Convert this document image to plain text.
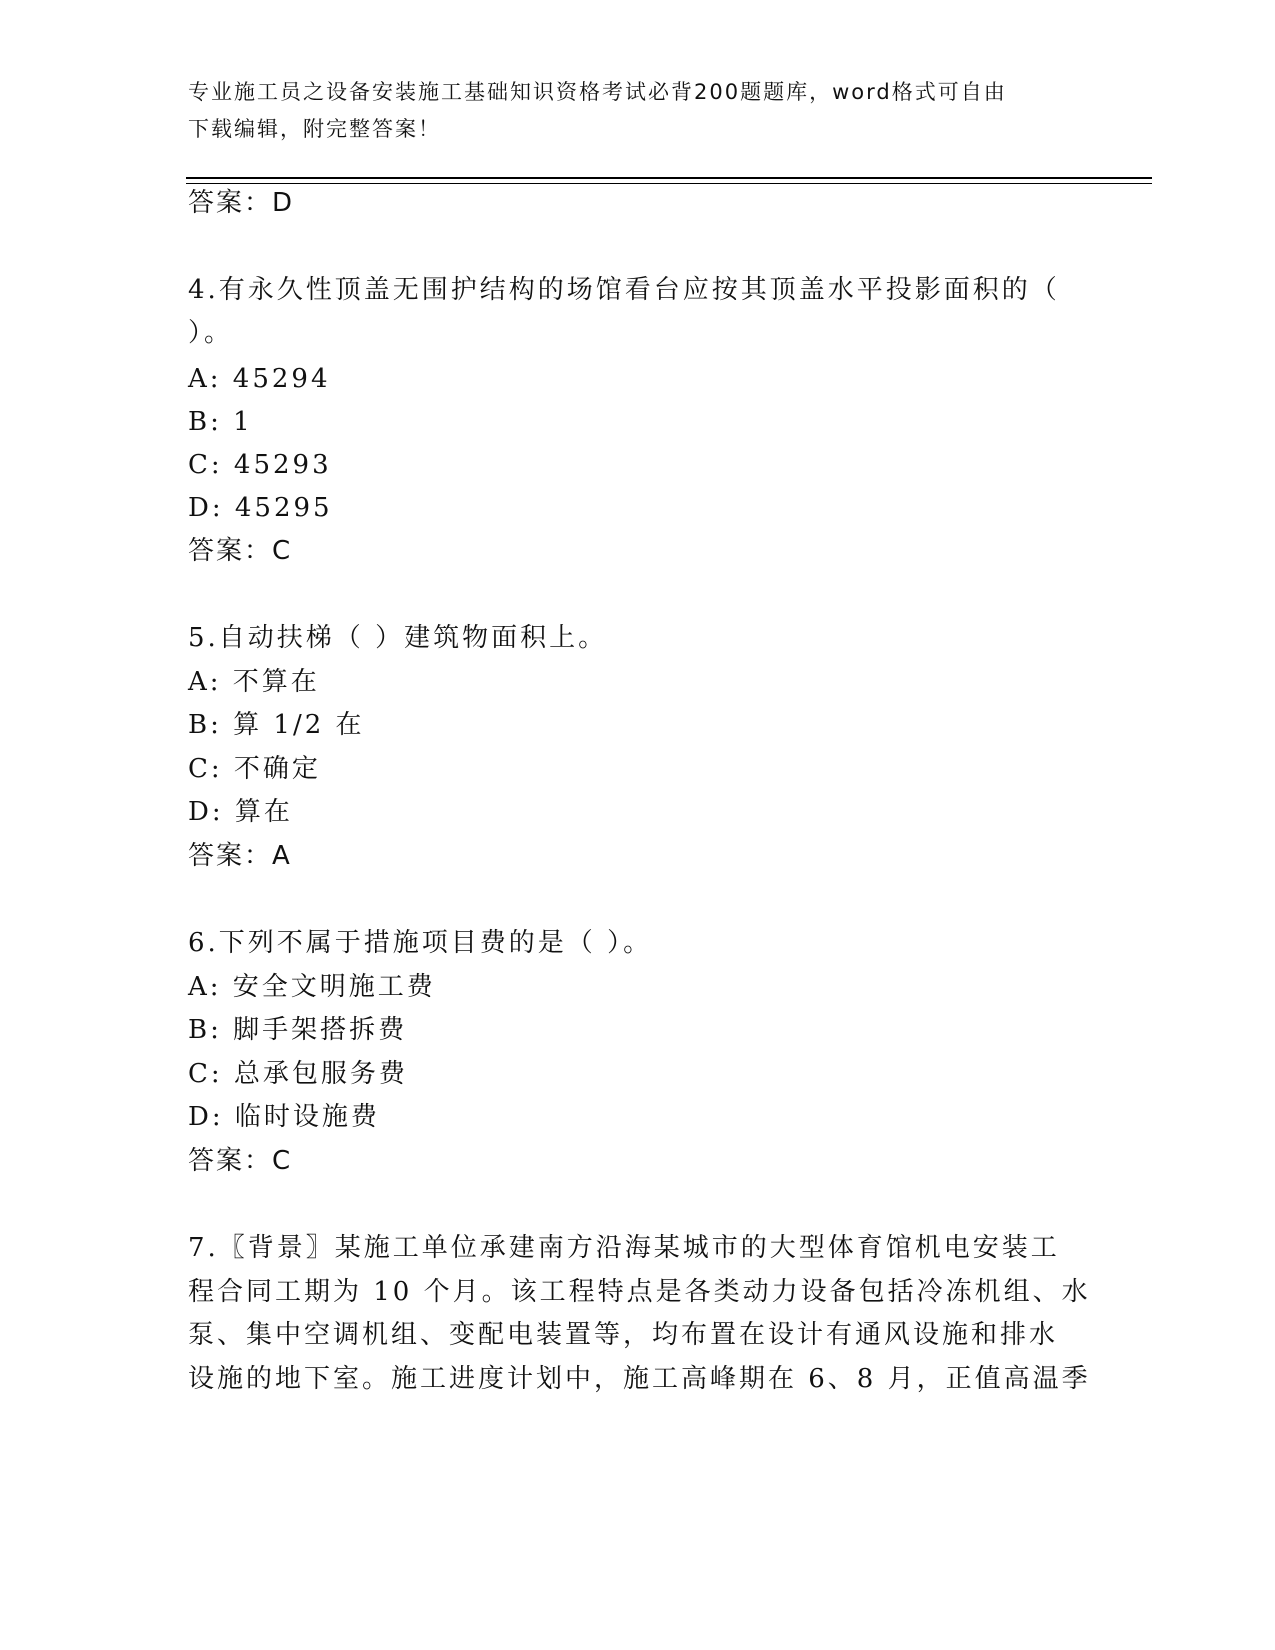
专业施工员之设备安装施工基础知识资格考试必背200题题库，word格式可自由
下载编辑，附完整答案！
答案：D
4.有永久性顶盖无围护结构的场馆看台应按其顶盖水平投影面积的（
）。
A: 45294
B: 1
C: 45293
D: 45295
答案：C
5.自动扶梯（ ）建筑物面积上。
A: 不算在
B: 算 1/2 在
C: 不确定
D: 算在
答案：A
6.下列不属于措施项目费的是（ ）。
A: 安全文明施工费
B: 脚手架搭拆费
C: 总承包服务费
D: 临时设施费
答案：C
7.〖背景〗某施工单位承建南方沿海某城市的大型体育馆机电安装工
程合同工期为 10 个月。该工程特点是各类动力设备包括冷冻机组、水
泵、集中空调机组、变配电装置等，均布置在设计有通风设施和排水
设施的地下室。施工进度计划中，施工高峰期在 6、8 月，正值高温季
